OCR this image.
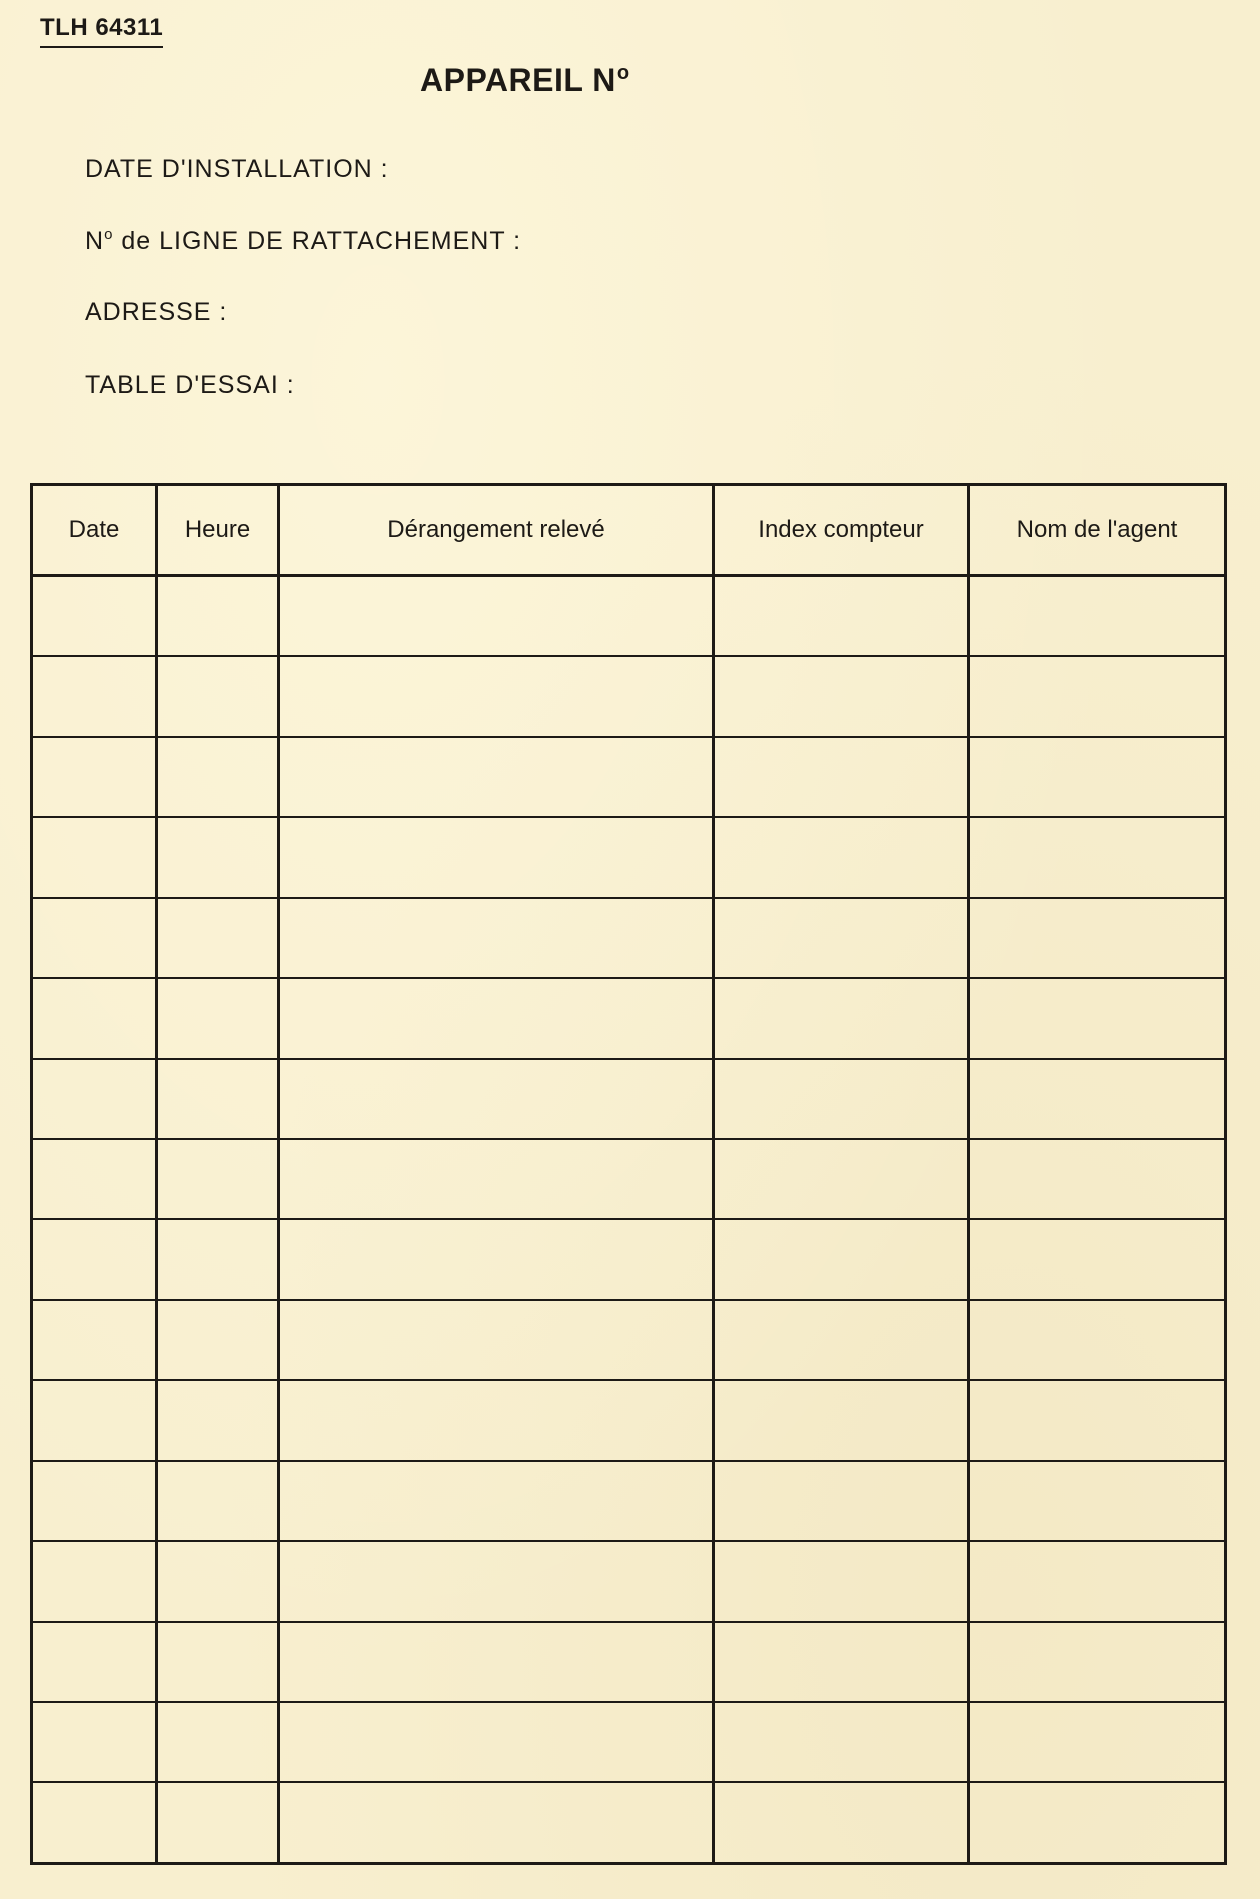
TLH 64311
APPAREIL $N^o$
DATE D'INSTALLATION :
$N^o$ de LIGNE DE RATTACHEMENT :
ADRESSE :
TABLE D'ESSAI :
Date	Heure	Dérangement relevé	Index compteur	Nom de l'agent
